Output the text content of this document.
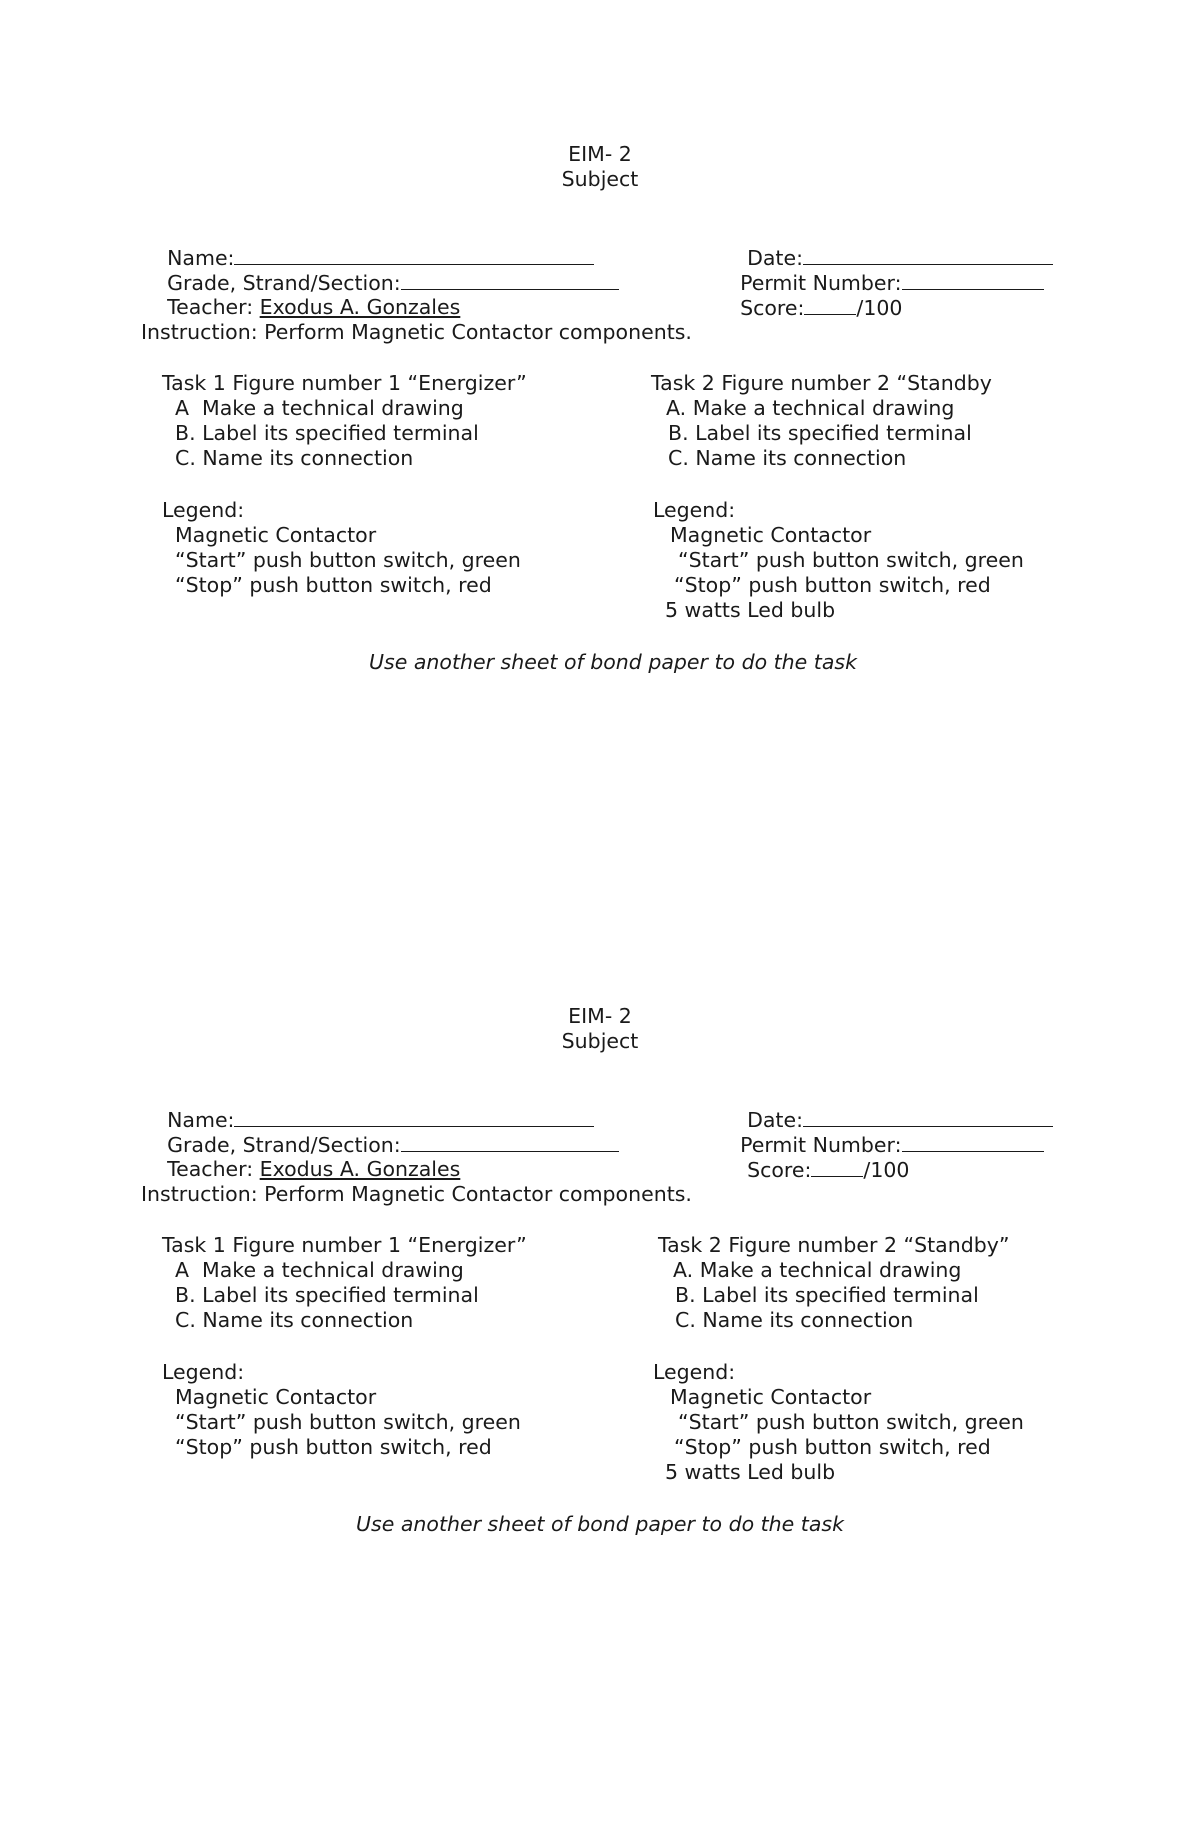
EIM- 2
Subject

Name:

Grade, Strand/Section:

Teacher: Exodus A. Gonzales

Date:

Permit Number:

Score:	/100

Instruction: Perform Magnetic Contactor components.
Task 1 Figure number 1 “Energizer”
A  Make a technical drawing
B. Label its specified terminal
C. Name its connection
Task 2 Figure number 2 “Standby
A. Make a technical drawing
B. Label its specified terminal
C. Name its connection
Legend:
Magnetic Contactor
“Start” push button switch, green
“Stop” push button switch, red
Legend:
Magnetic Contactor
“Start” push button switch, green
“Stop” push button switch, red
5 watts Led bulb
Use another sheet of bond paper to do the task
EIM- 2
Subject

Name:

Grade, Strand/Section:

Teacher: Exodus A. Gonzales

Date:

Permit Number:

Score:	/100

Instruction: Perform Magnetic Contactor components.
Task 1 Figure number 1 “Energizer”
A  Make a technical drawing
B. Label its specified terminal
C. Name its connection
Task 2 Figure number 2 “Standby”
A. Make a technical drawing
B. Label its specified terminal
C. Name its connection
Legend:
Magnetic Contactor
“Start” push button switch, green
“Stop” push button switch, red
Legend:
Magnetic Contactor
“Start” push button switch, green
“Stop” push button switch, red
5 watts Led bulb
Use another sheet of bond paper to do the task
